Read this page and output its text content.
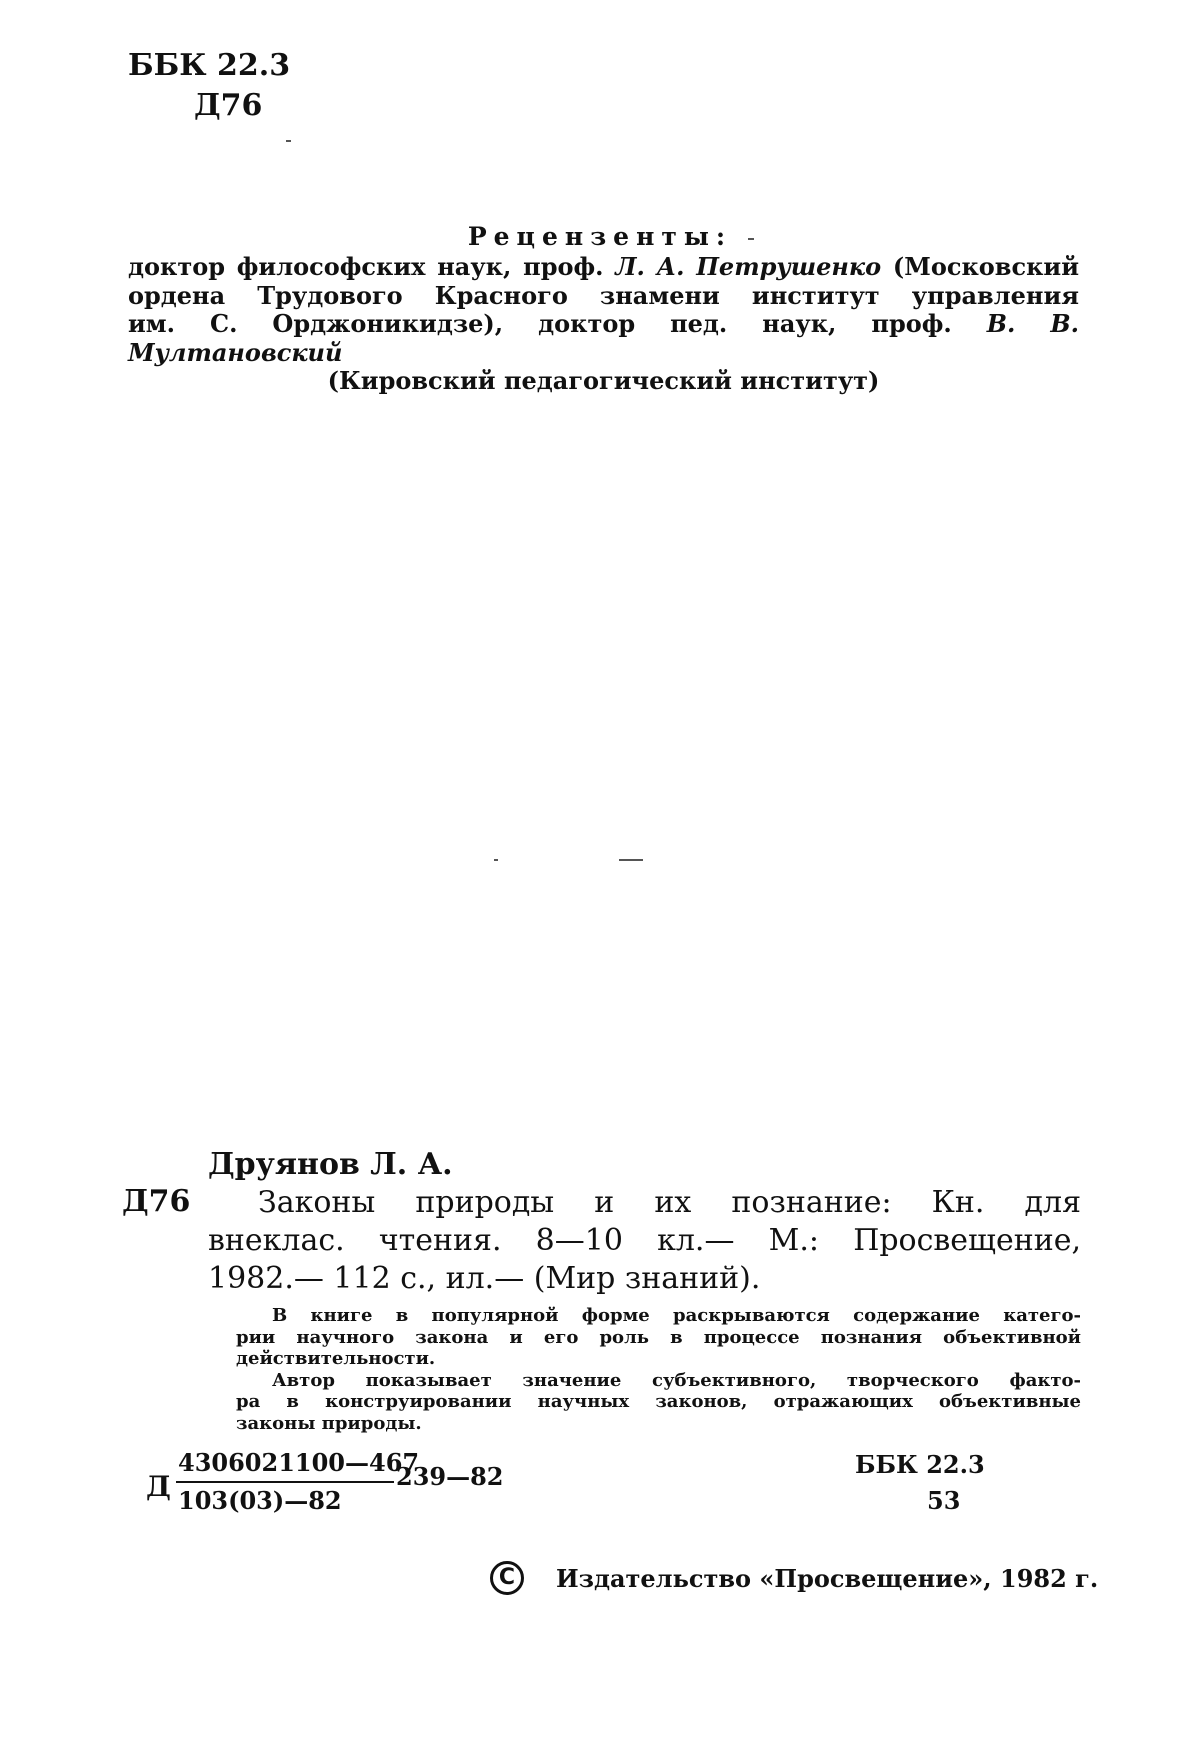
ББК 22.3
Д76
Рецензенты:
доктор философских наук, проф. Л. А. Петрушенко (Московский
ордена Трудового Красного знамени институт управления
им. С. Орджоникидзе), доктор пед. наук, проф. В. В. Мултановский
(Кировский педагогический институт)
Друянов Л. А.
Д76	Законы природы и их познание: Кн. для
внеклас. чтения. 8—10 кл.— М.: Просвещение,
1982.— 112 с., ил.— (Мир знаний).
В книге в популярной форме раскрываются содержание катего-
рии научного закона и его роль в процессе познания объективной
действительности.
Автор показывает значение субъективного, творческого факто-
ра в конструировании научных законов, отражающих объективные
законы природы.
Д
4306021100—467
103(03)—82
239—82	ББК 22.3
53
C	Издательство «Просвещение», 1982 г.
